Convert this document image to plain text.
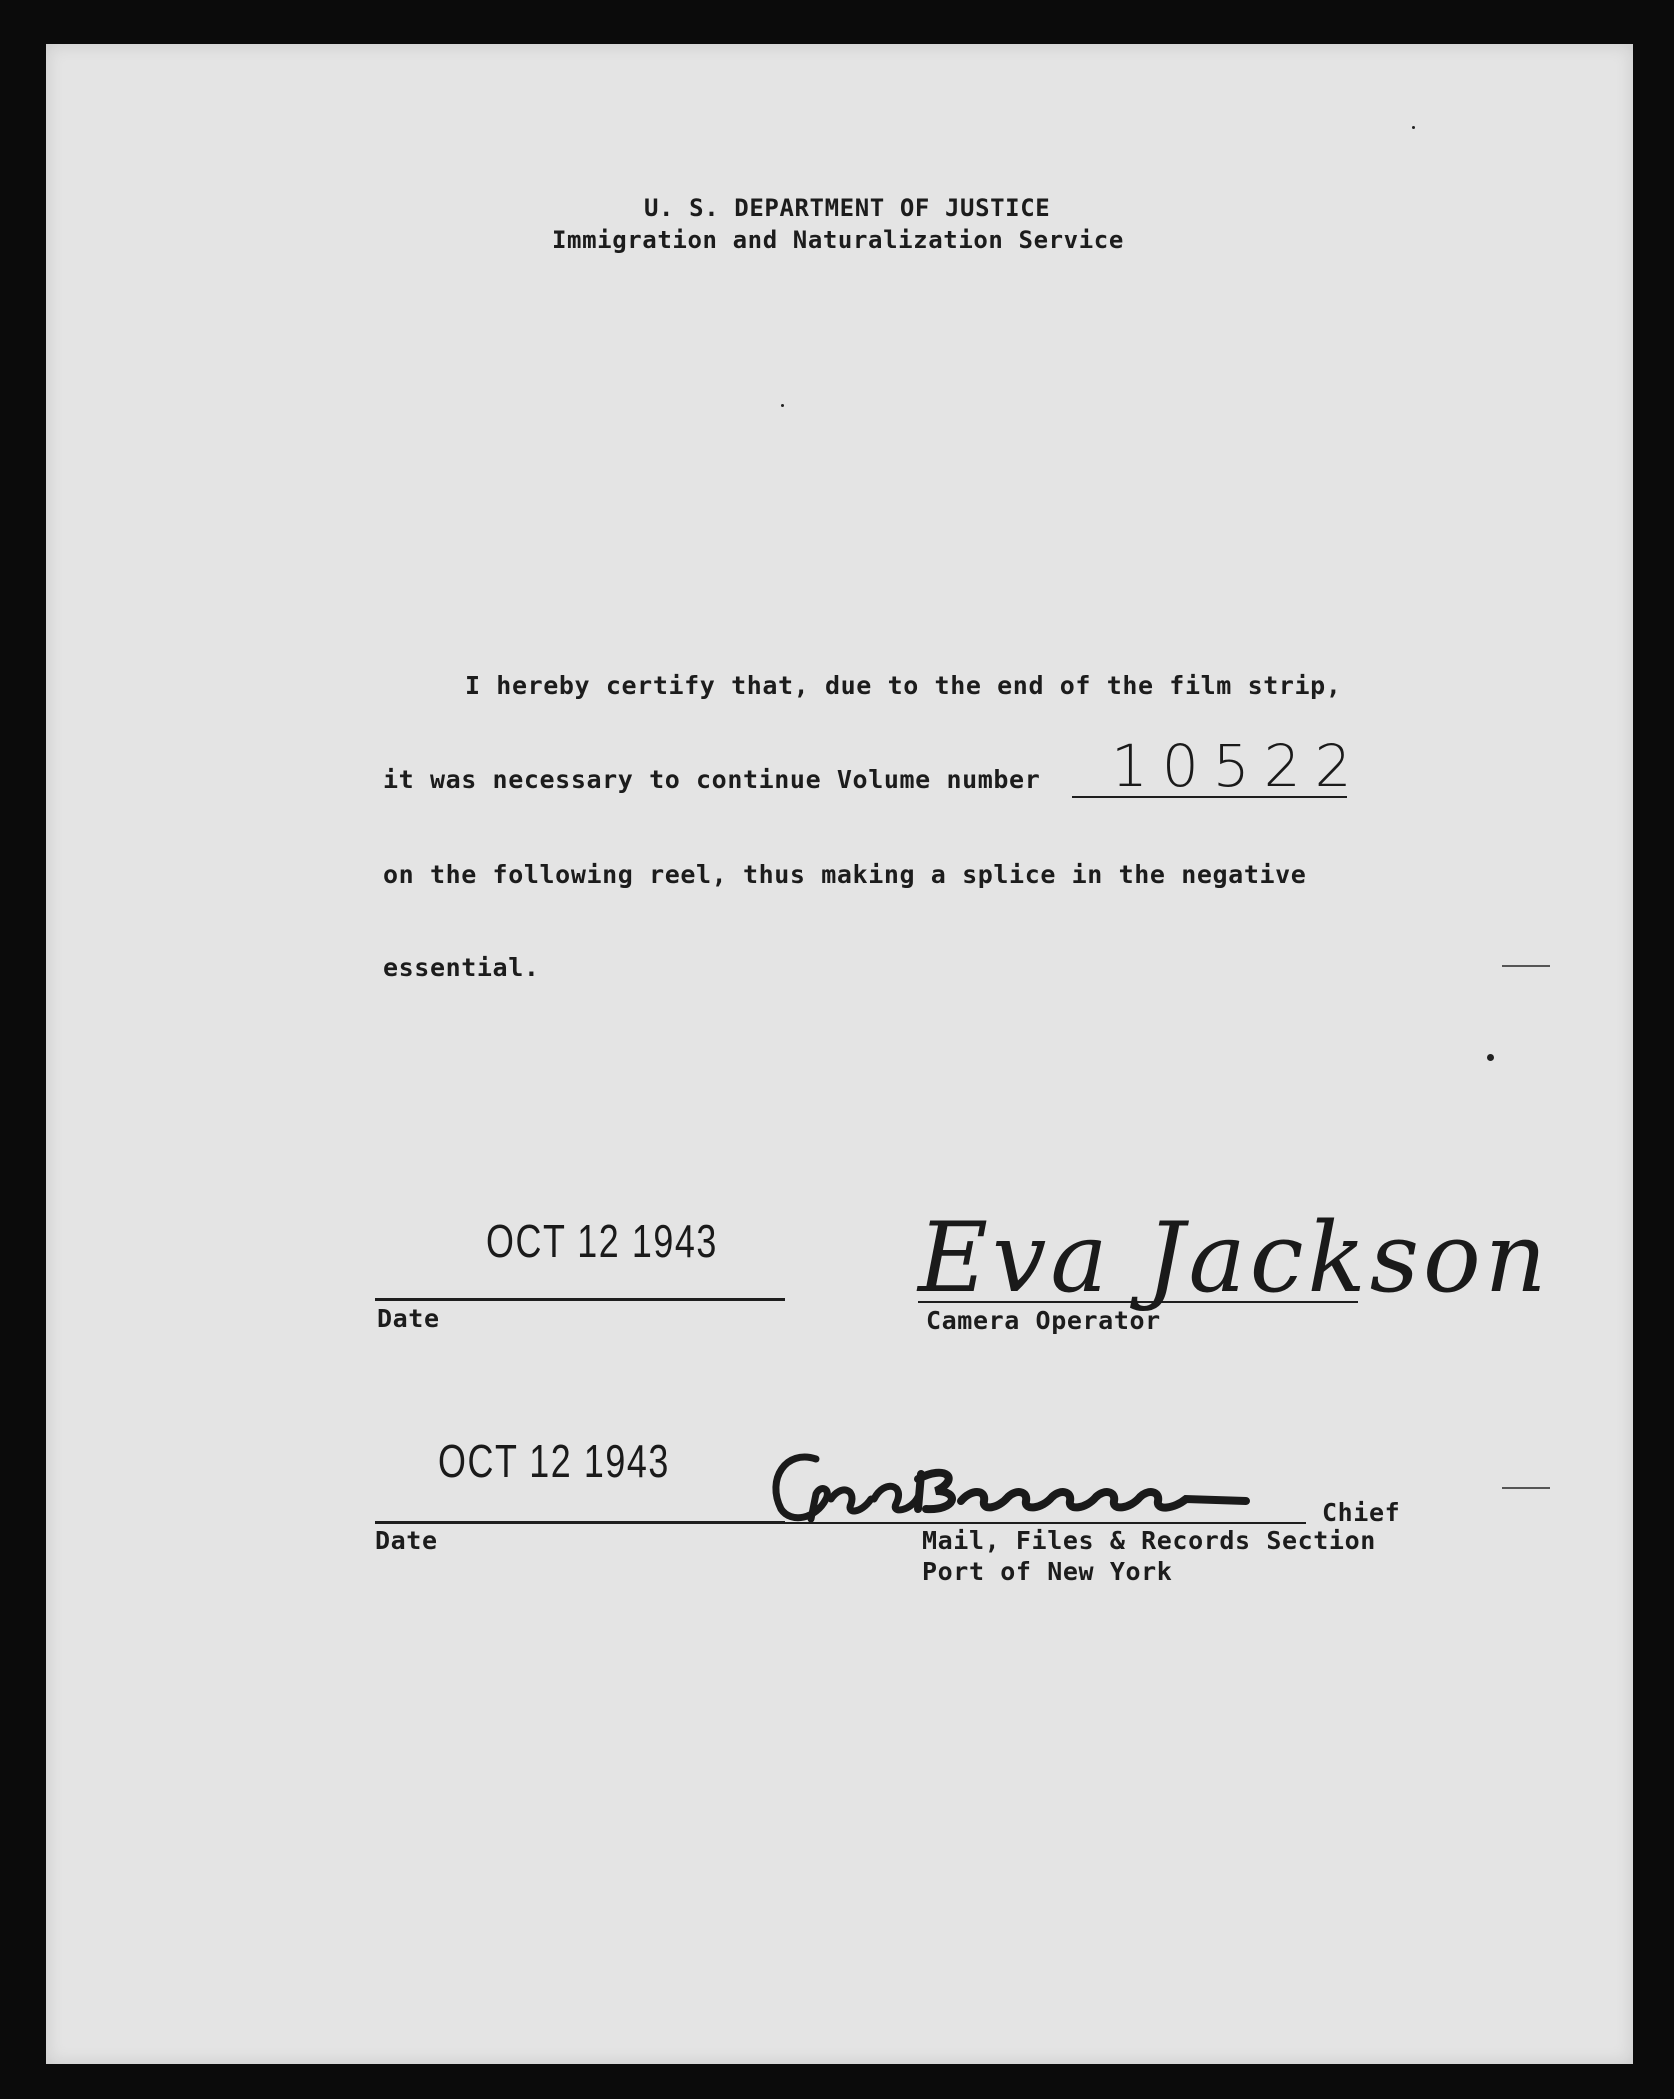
U. S. DEPARTMENT OF JUSTICE
Immigration and Naturalization Service
I hereby certify that, due to the end of the film strip,
it was necessary to continue Volume number 10522
on the following reel, thus making a splice in the negative
essential.
OCT 12 1943
Date
Eva Jackson
Camera Operator
OCT 12 1943
Date
Chief
Mail, Files & Records Section
Port of New York
